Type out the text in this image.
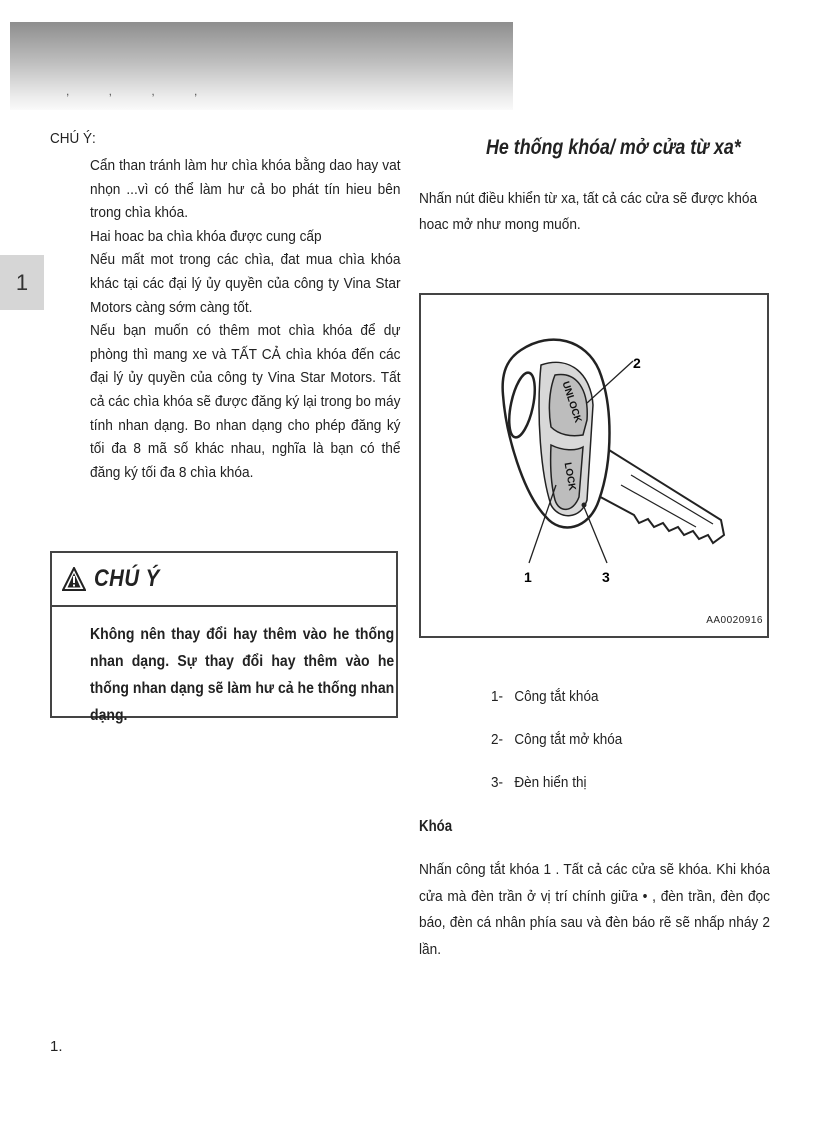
, , , ,
1
CHÚ Ý:

Cẩn than tránh làm hư chìa khóa bằng dao hay vat nhọn ...vì có thể làm hư cả bo phát tín hieu bên trong chìa khóa.

Hai hoac ba chìa khóa được cung cấp

Nếu mất mot trong các chìa, đat mua chìa khóa khác tại các đại lý ủy quyền của công ty Vina Star Motors càng sớm càng tốt.

Nếu bạn muốn có thêm mot chìa khóa để dự phòng thì mang xe và TẤT CẢ chìa khóa đến các đại lý ủy quyền của công ty Vina Star Motors. Tất cả các chìa khóa sẽ được đăng ký lại trong bo máy tính nhan dạng. Bo nhan dạng cho phép đăng ký tối đa 8 mã số khác nhau, nghĩa là bạn có thể đăng ký tối đa 8 chìa khóa.

CHÚ Ý

Không nên thay đổi hay thêm vào he thống nhan dạng. Sự thay đổi hay thêm vào he thống nhan dạng sẽ làm hư cả he thống nhan dạng.

He thống khóa/ mở cửa từ xa*

Nhấn nút điều khiển từ xa, tất cả các cửa sẽ được khóa hoac mở như mong muốn.

UNLOCK
LOCK
2
1	3
AA0020916
1- Công tắt khóa
2- Công tắt mở khóa
3- Đèn hiển thị
Khóa

Nhấn công tắt khóa 1 . Tất cả các cửa sẽ khóa. Khi khóa cửa mà đèn trần ở vị trí chính giữa • , đèn trần, đèn đọc báo, đèn cá nhân phía sau và đèn báo rẽ sẽ nhấp nháy 2 lần.

1.
